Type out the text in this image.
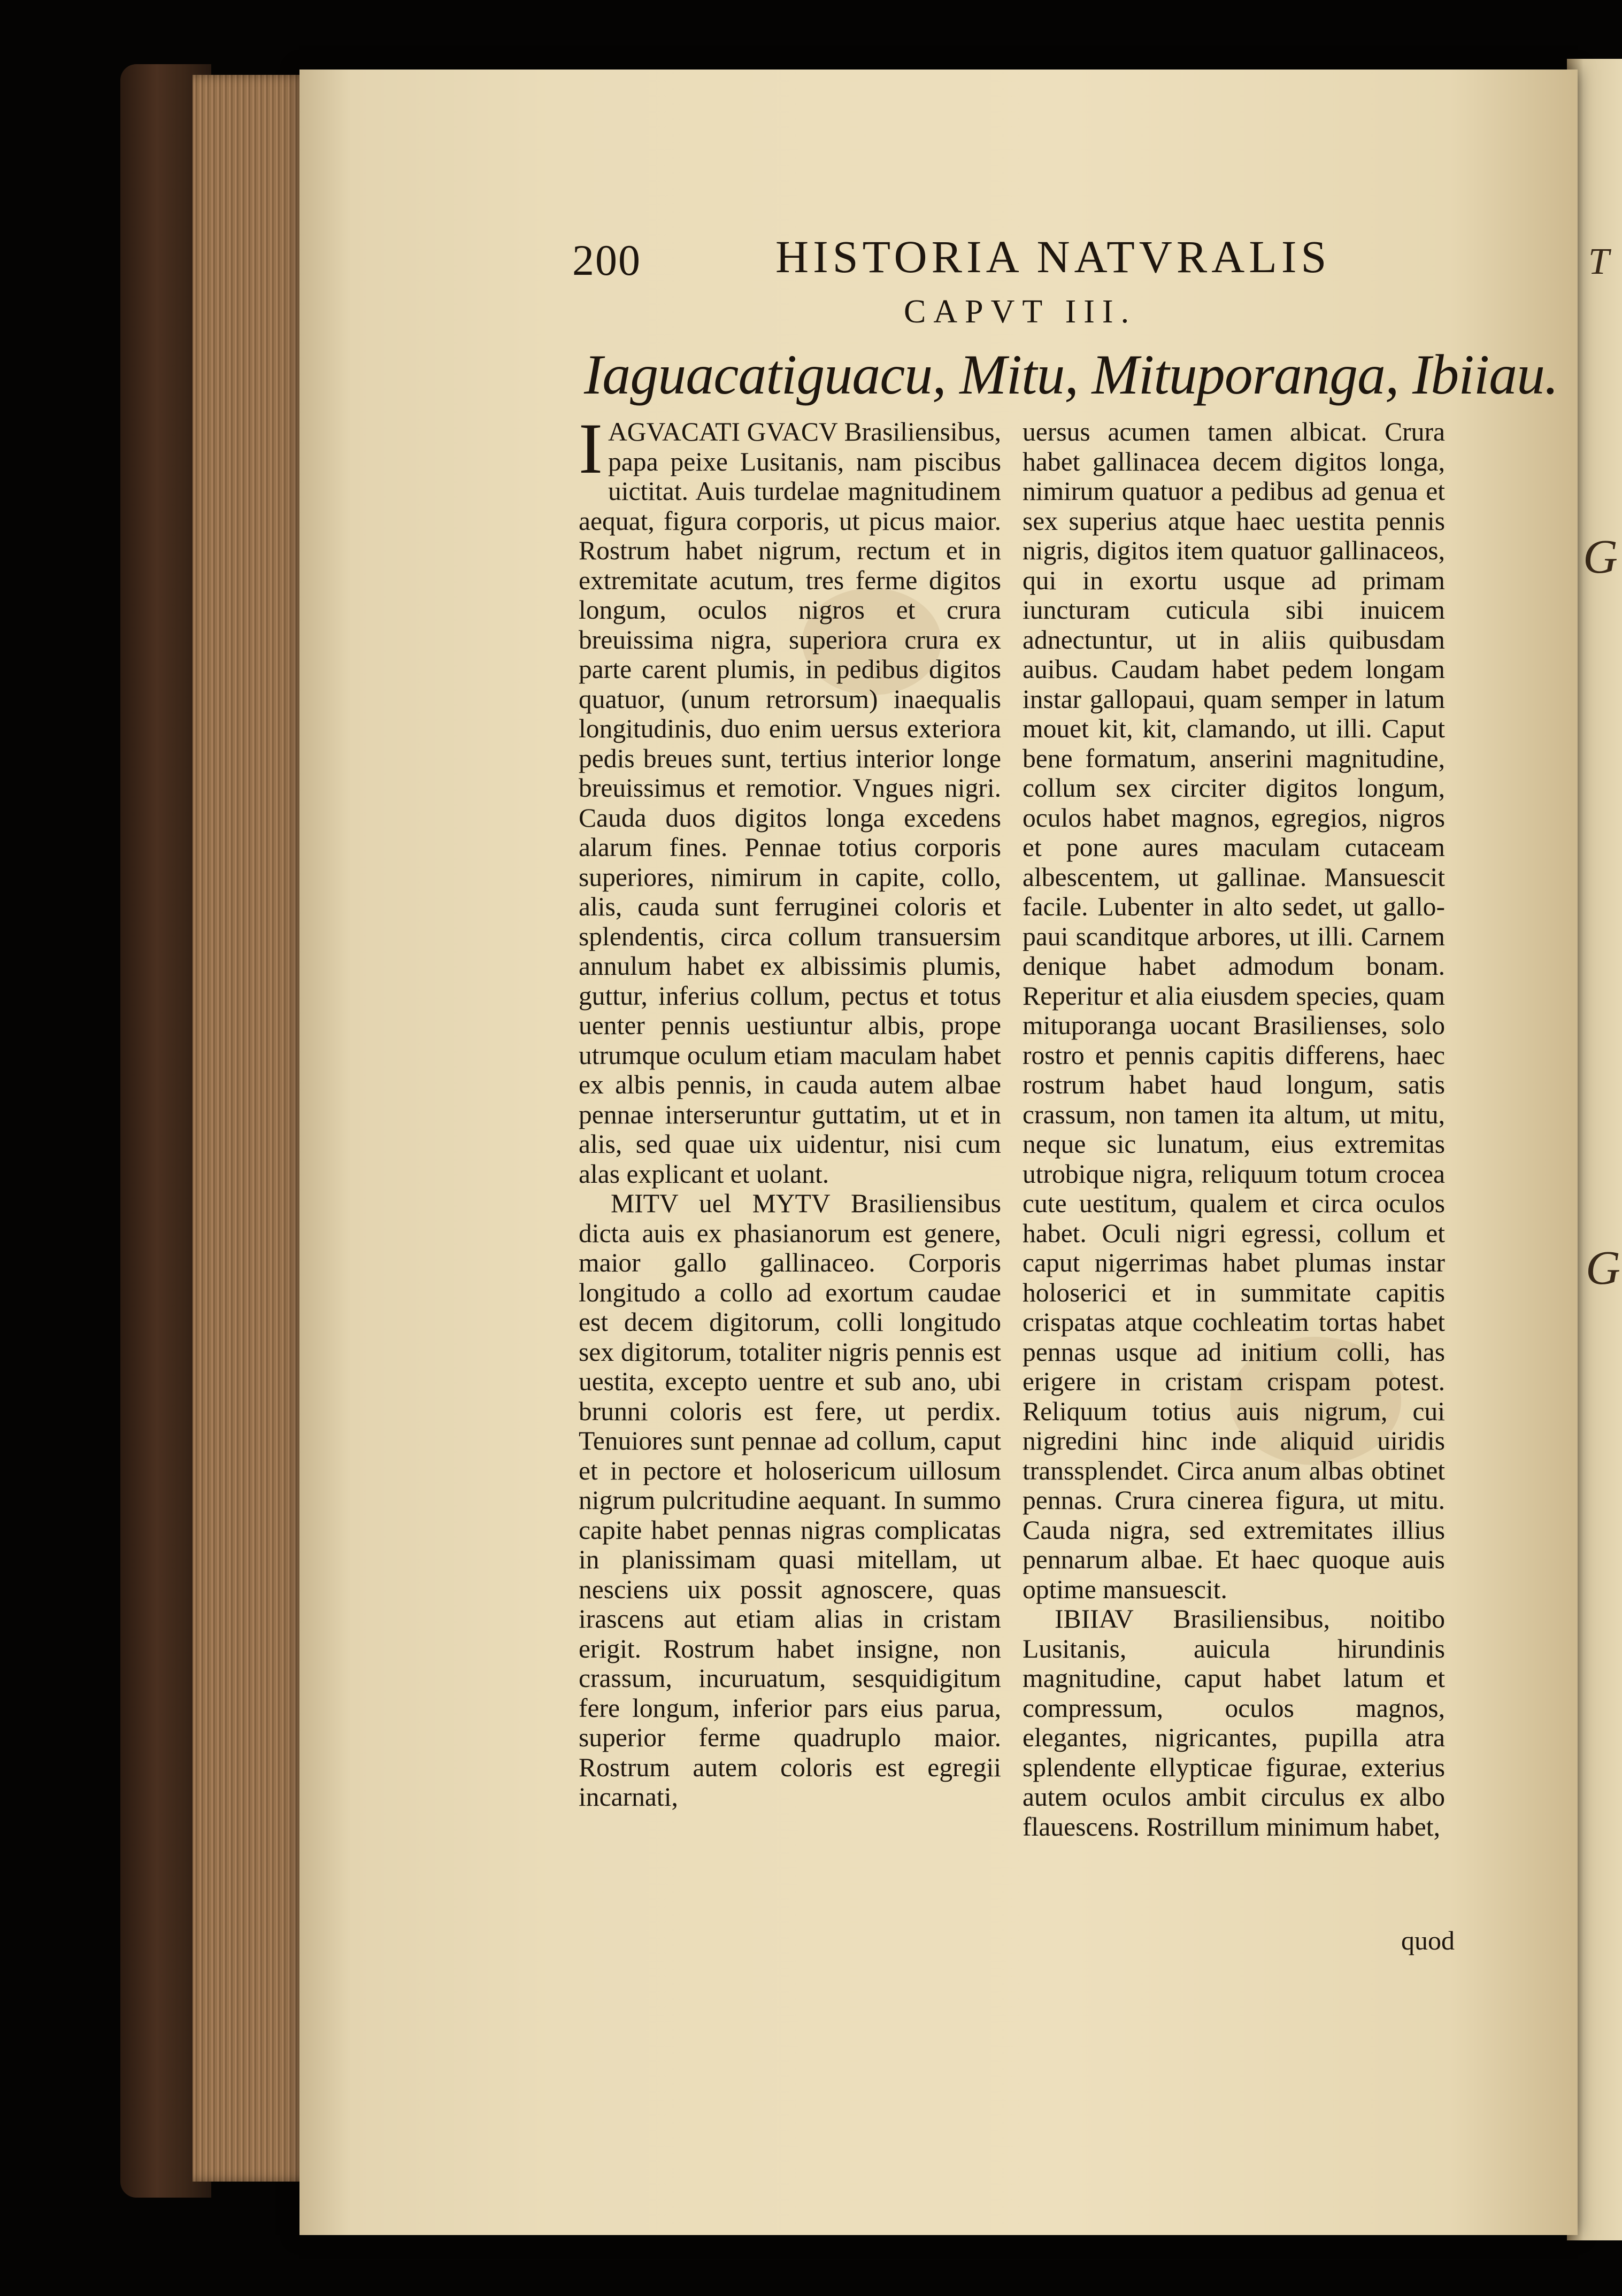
T
G
G
200	HISTORIA NATVRALIS
CAPVT III.
Iaguacatiguacu, Mitu, Mituporanga, Ibiiau.

I AGVACATI GVACV Brasiliensibus, papa peixe Lusitanis, nam piscibus uictitat. Auis turdelae magnitudinem aequat, figura corporis, ut picus maior. Rostrum habet nigrum, rectum et in extremitate acutum, tres ferme digitos longum, oculos nigros et crura breuissima nigra, superiora crura ex parte carent plumis, in pedibus digitos quatuor, (unum retrorsum) inaequalis longitudinis, duo enim uersus exteriora pedis breues sunt, tertius interior longe breuissimus et remotior. Vngues nigri. Cauda duos digitos longa excedens alarum fines. Pennae totius corporis superiores, nimirum in capite, collo, alis, cauda sunt ferruginei coloris et splendentis, circa collum transuersim annulum habet ex albissimis plumis, guttur, inferius collum, pectus et totus uenter pennis uestiuntur albis, prope utrumque oculum etiam maculam habet ex albis pennis, in cauda autem albae pennae intersеruntur guttatim, ut et in alis, sed quae uix uidentur, nisi cum alas explicant et uolant.

MITV uel MYTV Brasiliensibus dicta auis ex phasianorum est genere, maior gallo gallinaceo. Corporis longitudo a collo ad exortum caudae est decem digitorum, colli longitudo sex digitorum, totaliter nigris pennis est uestita, excepto uentre et sub ano, ubi brunni coloris est fere, ut perdix. Tenuiores sunt pennae ad collum, caput et in pectore et holosericum uillosum nigrum pulcritudine aequant. In summo capite habet pennas nigras complicatas in planissimam quasi mitellam, ut nesciens uix possit agnoscere, quas irascens aut etiam alias in cristam erigit. Rostrum habet insigne, non crassum, incuruatum, sesquidigitum fere longum, inferior pars eius parua, superior ferme quadruplo maior. Rostrum autem coloris est egregii incarnati,

uersus acumen tamen albicat. Crura habet gallinacea decem digitos longa, nimirum quatuor a pedibus ad genua et sex superius atque haec uestita pennis nigris, digitos item quatuor gallinaceos, qui in exortu usque ad primam iuncturam cuticula sibi inuicem adnectuntur, ut in aliis quibusdam auibus. Caudam habet pedem longam instar gallopaui, quam semper in latum mouet kit, kit, clamando, ut illi. Caput bene formatum, anserini magnitudine, collum sex circiter digitos longum, oculos habet magnos, egregios, nigros et pone aures maculam cutaceam albescentem, ut gallinae. Mansuescit facile. Lubenter in alto sedet, ut gallo-paui scanditque arbores, ut illi. Carnem denique habet admodum bonam. Reperitur et alia eiusdem species, quam mituporanga uocant Brasilienses, solo rostro et pennis capitis differens, haec rostrum habet haud longum, satis crassum, non tamen ita altum, ut mitu, neque sic lunatum, eius extremitas utrobique nigra, reliquum totum crocea cute uestitum, qualem et circa oculos habet. Oculi nigri egressi, collum et caput nigerrimas habet plumas instar holoserici et in summitate capitis crispatas atque cochleatim tortas habet pennas usque ad initium colli, has erigere in cristam crispam potest. Reliquum totius auis nigrum, cui nigredini hinc inde aliquid uiridis transsplendet. Circa anum albas obtinet pennas. Crura cinerea figura, ut mitu. Cauda nigra, sed extremitates illius pennarum albae. Et haec quoque auis optime mansuescit.

IBIIAV Brasiliensibus, noitibo Lusitanis, auicula hirundinis magnitudine, caput habet latum et compressum, oculos magnos, elegantes, nigricantes, pupilla atra splendente ellypticae figurae, exterius autem oculos ambit circulus ex albo flauescens. Rostrillum minimum habet,

quod
